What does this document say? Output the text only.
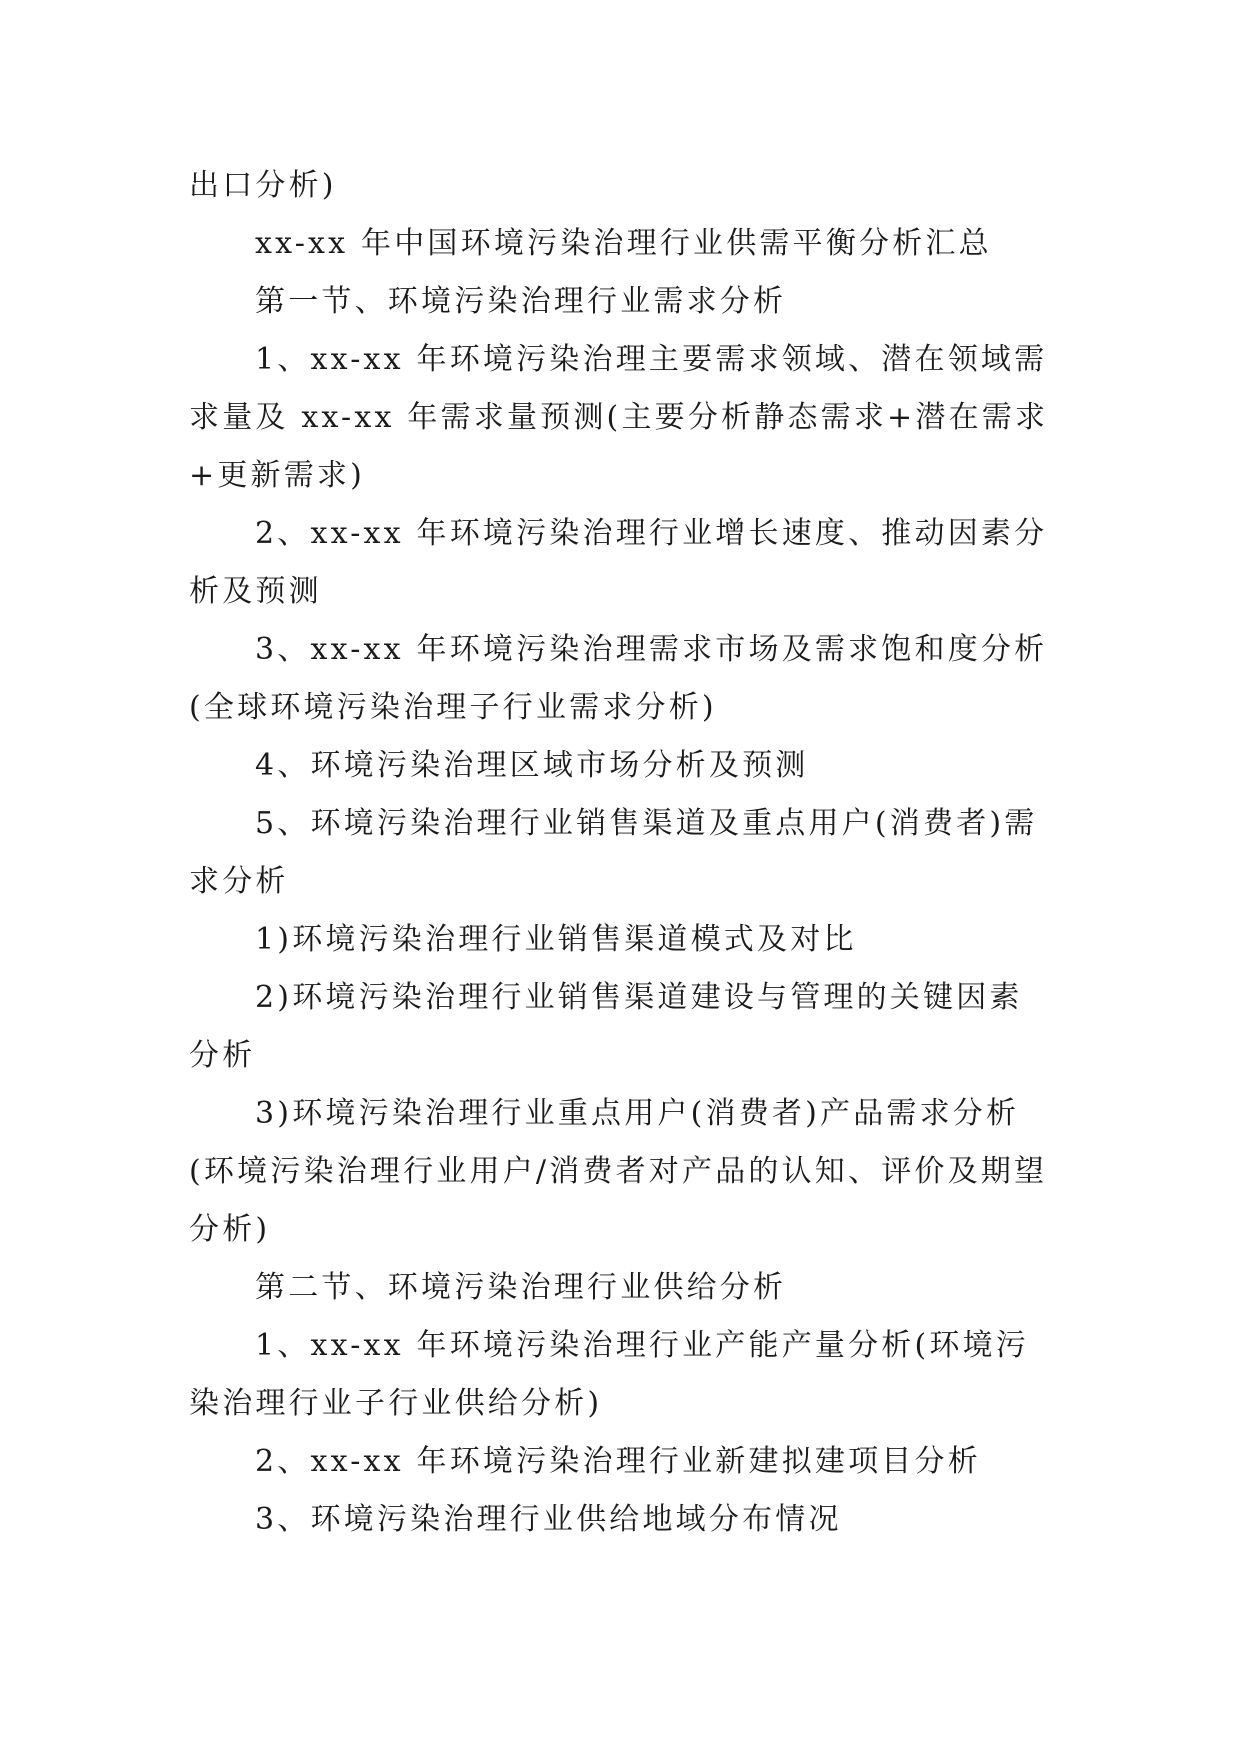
出口分析)

xx-xx 年中国环境污染治理行业供需平衡分析汇总

第一节、环境污染治理行业需求分析

1、xx-xx 年环境污染治理主要需求领域、潜在领域需求量及 xx-xx 年需求量预测(主要分析静态需求+潜在需求+更新需求)

2、xx-xx 年环境污染治理行业增长速度、推动因素分析及预测

3、xx-xx 年环境污染治理需求市场及需求饱和度分析(全球环境污染治理子行业需求分析)

4、环境污染治理区域市场分析及预测

5、环境污染治理行业销售渠道及重点用户(消费者)需求分析

1)环境污染治理行业销售渠道模式及对比

2)环境污染治理行业销售渠道建设与管理的关键因素分析

3)环境污染治理行业重点用户(消费者)产品需求分析(环境污染治理行业用户/消费者对产品的认知、评价及期望分析)

第二节、环境污染治理行业供给分析

1、xx-xx 年环境污染治理行业产能产量分析(环境污染治理行业子行业供给分析)

2、xx-xx 年环境污染治理行业新建拟建项目分析

3、环境污染治理行业供给地域分布情况
